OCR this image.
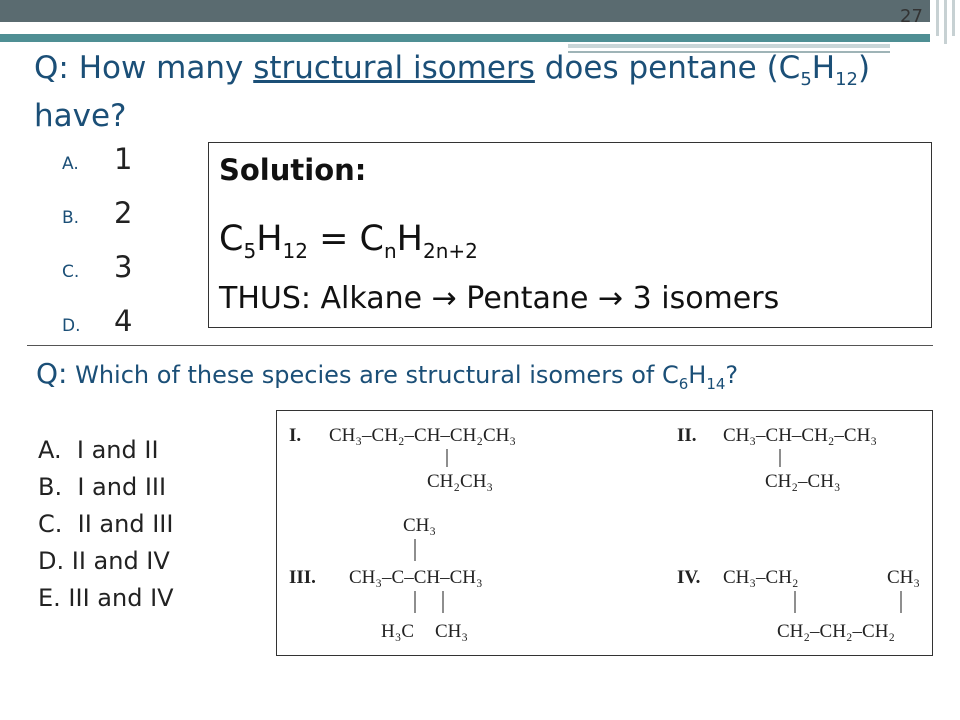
27
Q: How many structural isomers does pentane $(C_5H_{12})$ have?
A. 1
B. 2
C. 3
D. 4
Solution:
$C_5H_{12} = C_nH_{2n+2}$
THUS: Alkane → Pentane → 3 isomers
Q: Which of these species are structural isomers of $C_6H_{14}$?
A.  I and II
B.  I and III
C.  II and III
D. II and IV
E. III and IV
I. CH₃–CH₂–CH–CH₂CH₃
CH₂CH₃
II. CH₃–CH–CH₂–CH₃
CH₂–CH₃
CH₃
III. CH₃–C–CH–CH₃
H₃C CH₃
IV. CH₃–CH₂	CH₃
CH₂–CH₂–CH₂
